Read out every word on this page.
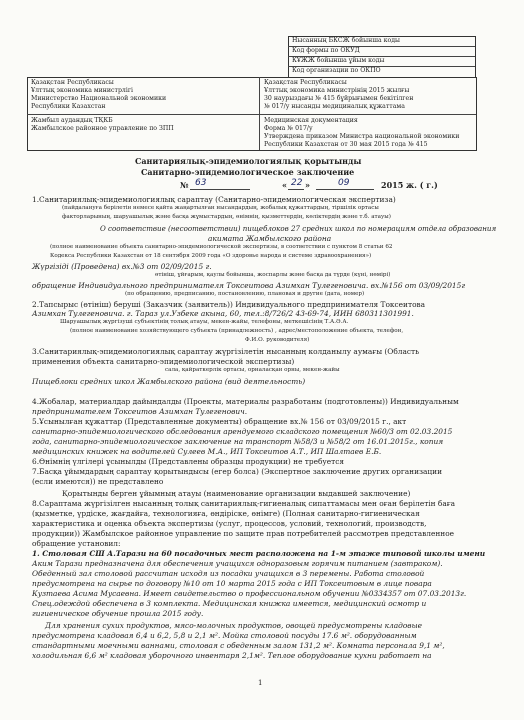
Нысанның БКСЖ бойынша коды
Код формы по ОКУД
КҰЖЖ бойынша ұйым коды
Код организации по ОКПО
Қазақстан Республикасы
Ұлттық экономика министрлігі
Министерство Национальной экономики
Республики Казахстан
Қазақстан Республикасы
Ұлттық экономика министрінің 2015 жылғы
30 наурыздағы № 415 бұйрығымен бекітілген
№ 017/у нысанды медициналық құжаттама
Жамбыл аудандық ТҚКБ
Жамбылское районное управление по ЗПП
Медицинская документация
Форма № 017/у
Утверждена приказом Министра национальной экономики
Республики Казахстан от 30 мая 2015 года № 415
Санитариялық-эпидемиологиялық қорытынды
Санитарно-эпидемиологическое заключение
№ 63	« 22 »	09	2015 ж. ( г.)
1.Санитариялық-эпидемиологиялық сараптау (Санитарно-эпидемиологическая экспертиза)
(пайдалануға берілетін немесе қайта жаңартылған нысандардың, жобалық құжаттардың, тіршілік ортасы
факторларының, шаруашылық және басқа жұмыстардың, өнімнің, қызметтердің, көліктердің және т.б. атауы)
О соответствие (несоответствии) пищеблоков 27 средних школ по номерациям отдела образования
акимата Жамбылского района
(полное наименование объекта санитарно-эпидемиологической экспертизы, в соответствии с пунктом 8 статьи 62
Кодекса Республики Казахстан от 18 сентября 2009 года «О здоровье народа и системе здравоохранения»)
Жүргізіді (Проведена) вх.№3 от 02/09/2015 г.
өтініш, ұйғарым, қаулы бойынша, жоспарлы және басқа да түрде (күні, нөмірі)
обращение Индивидуального предпринимателя Токсеитова Азимхан Тулегеновича. вх.№156 от 03/09/2015г
(по обращению, предписанию, постановлению, плановая и другие (дата, номер)
2.Тапсырыс (өтініш) беруші (Заказчик (заявитель)) Индивидуального предпринимателя Токсеитова
Азимхан Тулегеновича. г. Тараз ул.Узбеке акына, 60, тел.:8/726/2 43-69-74, ИИН 680311301991.
Шаруашылық жүргізуші субъектінің толық атауы, мекен-жайы, телефоны, меткешісінің Т.А.Ә.А.
(полное наименование хозяйствующего субъекта (принадлежность) , адрес/местоположение объекта, телефон,
Ф.И.О. руководителя)
3.Санитариялық-эпидемиологиялық сараптау жүргізілетін нысанның колданылу аумағы (Область
применения объекта санитарно-эпидемиологической экспертизы)
сала, қайраткерлік ортасы, орналасқан орны, мекен-жайы
Пищеблоки средних школ Жамбылского района (вид деятельность)
4.Жобалар, материалдар дайындалды (Проекты, материалы разработаны (подготовлены)) Индивидуальным
предпринимателем Токсеитов Азимхан Тулегенович.
5.Ұсынылған құжаттар (Представленные документы) обращение вх.№ 156 от 03/09/2015 г., акт
санитарно-эпидемиологического обследования арендуемого складского помещения №60/3 от 02.03.2015
года, санитарно-эпидемиологическое заключение на транспорт №58/3 и №58/2 от 16.01.2015г., копия
медицинских книжек на водителей Сулеев М.А., ИП Токсеитов А.Т., ИП Шалтаев Е.Б.
6.Өнімнің үлгілері ұсынылды (Представлены образцы продукции) не требуется
7.Басқа ұйымдардың сараптау қорытындысы (егер болса) (Экспертное заключение других организации
(если имеются)) не представлено
Қорытынды берген ұйымның атауы (наименование организации выдавшей заключение)
8.Сараптама жүргізілген нысанның толық санитариялық-гигиеналық сипаттамасы мен оған берілетін баға
(қызметке, үрдіске, жағдайға, технологияға, өндіріске, өнімге) (Полная санитарно-гигиеническая
характеристика и оценка объекта экспертизы (услуг, процессов, условий, технологий, производств,
продукции)) Жамбылское районное управление по защите прав потребителей рассмотрев представленное
обращение установил:
1. Столовая СШ А.Тарази на 60 посадочных мест расположена на 1-м этаже типовой школы имени
Аким Тарази предназначена для обеспечения учащихся одноразовым горячим питанием (завтраком).
Обеденный зал столовой рассчитан исходя из посадки учащихся в 3 перемены. Работа столовой
предусмотрена на сырье по договору №10 от 10 марта 2015 года с ИП Токсеитовым в лице повара
Кузтаева Асима Мусаевна. Имеет свидетельство о профессиональном обучении №0334357 от 07.03.2013г.
Спец.одеждой обеспечена в 3 комплекта. Медицинская книжка имеется, медицинский осмотр и
гигиеническое обучение прошла 2015 году.
Для хранения сухих продуктов, мясо-молочных продуктов, овощей предусмотрены кладовые
предусмотрена кладовая 6,4 и 6,2, 5,8 и 2,1 м². Мойка столовой посуды 17.6 м². оборудованным
стандартными моечными ваннами, столовая с обеденным залом 131,2 м². Комната персонала 9,1 м²,
холодильная 6,6 м² кладовая уборочного инвентаря 2,1м². Теплое оборудование кухни работает на
1
